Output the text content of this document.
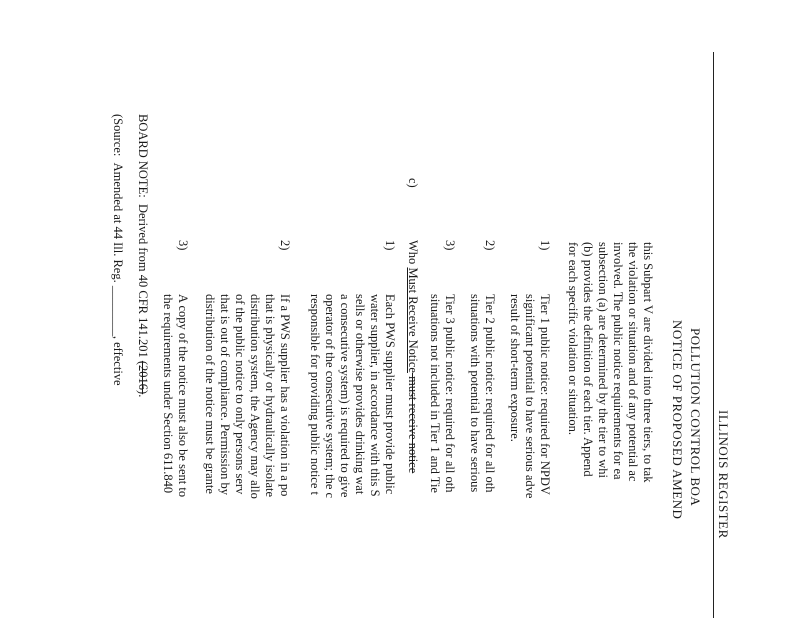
ILLINOIS REGISTER
POLLUTION CONTROL BOA
NOTICE OF PROPOSED AMEND
this Subpart V are divided into three tiers, to tak
the violation or situation and of any potential ac
involved. The public notice requirements for ea
subsection (a) are determined by the tier to whi
(b) provides the definition of each tier. Append
for each specific violation or situation.
1)
Tier 1 public notice: required for NPDV
significant potential to have serious adve
result of short-term exposure.
2)
Tier 2 public notice: required for all oth
situations with potential to have serious
3)
Tier 3 public notice: required for all oth
situations not included in Tier 1 and Tie
c)
Who Must Receive Notice must receive notice
1)
Each PWS supplier must provide public
water supplier, in accordance with this S
sells or otherwise provides drinking wat
a consecutive system) is required to give
operator of the consecutive system; the c
responsible for providing public notice t
2)
If a PWS supplier has a violation in a po
that is physically or hydraulically isolate
distribution system, the Agency may allo
of the public notice to only persons serv
that is out of compliance. Permission by
distribution of the notice must be grante
3)
A copy of the notice must also be sent to
the requirements under Section 611.840
BOARD NOTE:  Derived from 40 CFR 141.201 (2016).
(Source:  Amended at 44 Ill. Reg. ________, effective
